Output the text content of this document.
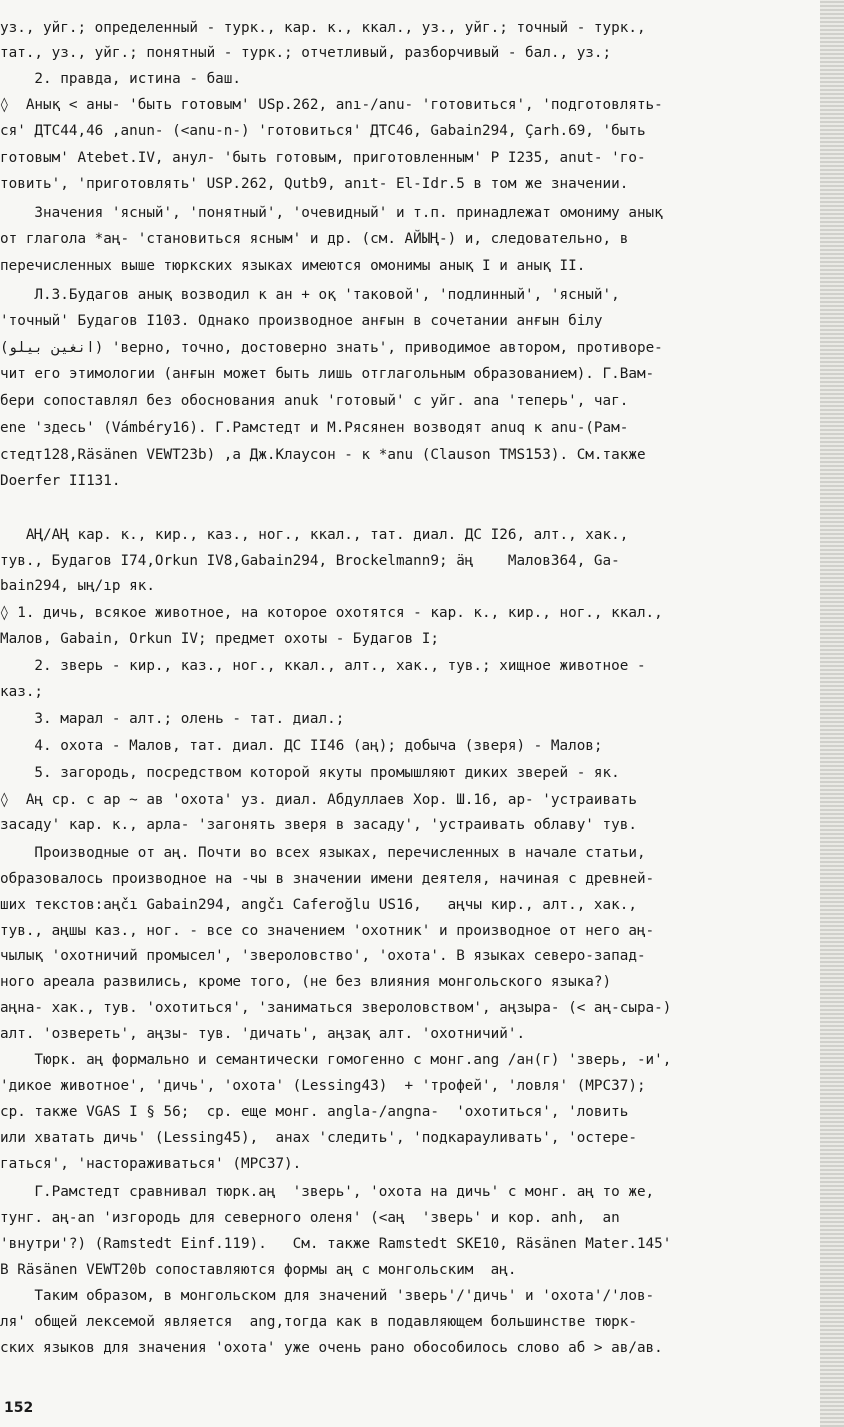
уз., уйг.; определенный - турк., кар. к., ккал., уз., уйг.; точный - турк.,
тат., уз., уйг.; понятный - турк.; отчетливый, разборчивый - бал., уз.;
2. правда, истина - баш.
◊  Анық < аны- 'быть готовым' USp.262, anı-/anu- 'готовиться', 'подготовлять-
ся' ДТС44,46 ,anun- (<anu-n-) 'готовиться' ДТС46, Gabain294, Çarh.69, 'быть
готовым' Atebet.IV, анул- 'быть готовым, приготовленным' Р I235, anut- 'го-
товить', 'приготовлять' USP.262, Qutb9, anıt- El-Idr.5 в том же значении.
Значения 'ясный', 'понятный', 'очевидный' и т.п. принадлежат омониму анық
от глагола *аң- 'становиться ясным' и др. (см. АЙЫҢ-) и, следовательно, в
перечисленных выше тюркских языках имеются омонимы анық I и анық II.
Л.З.Будагов анық возводил к ан + оқ 'таковой', 'подлинный', 'ясный',
'точный' Будагов I103. Однако производное анғын в сочетании анғын білу
(انغین بیلو) 'верно, точно, достоверно знать', приводимое автором, противоре-
чит его этимологии (анғын может быть лишь отглагольным образованием). Г.Вам-
бери сопоставлял без обоснования anuk 'готовый' с уйг. ana 'теперь', чаг.
ene 'здесь' (Vámbéry16). Г.Рамстедт и М.Рясянен возводят anuq к anu-(Рам-
стедт128,Räsänen VEWT23b) ,а Дж.Клаусон - к *anu (Clauson TMS153). См.также
Doerfer II131.
АҢ/АҢ кар. к., кир., каз., ног., ккал., тат. диал. ДС I26, алт., хак.,
тув., Будагов I74,Orkun IV8,Gabain294, Brockelmann9; äң    Малов364, Ga-
bain294, ың/ıp як.
◊ 1. дичь, всякое животное, на которое охотятся - кар. к., кир., ног., ккал.,
Малов, Gabain, Orkun IV; предмет охоты - Будагов I;
2. зверь - кир., каз., ног., ккал., алт., хак., тув.; хищное животное -
каз.;
3. марал - алт.; олень - тат. диал.;
4. охота - Малов, тат. диал. ДС II46 (аң); добыча (зверя) - Малов;
5. загородь, посредством которой якуты промышляют диких зверей - як.
◊  Аң ср. с аp ~ ав 'охота' уз. диал. Абдуллаев Хор. Ш.16, ар- 'устраивать
засаду' кар. к., арла- 'загонять зверя в засаду', 'устраивать облаву' тув.
Производные от аң. Почти во всех языках, перечисленных в начале статьи,
образовалось производное на -чы в значении имени деятеля, начиная с древней-
ших текстов:aңčı Gabain294, angčı Caferoğlu US16,   аңчы кир., алт., хак.,
тув., аңшы каз., ног. - все со значением 'охотник' и производное от него аң-
чылық 'охотничий промысел', 'звероловство', 'охота'. В языках северо-запад-
ного ареала развились, кроме того, (не без влияния монгольского языка?)
аңна- хак., тув. 'охотиться', 'заниматься звероловством', аңзыра- (< аң-сыра-)
алт. 'озвереть', аңзы- тув. 'дичать', аңзақ алт. 'охотничий'.
Тюрк. аң формально и семантически гомогенно с монг.ang /ан(г) 'зверь, -и',
'дикое животное', 'дичь', 'охота' (Lessing43)  + 'трофей', 'ловля' (МРС37);
ср. также VGAS I § 56;  ср. еще монг. angla-/angna-  'охотиться', 'ловить
или хватать дичь' (Lessing45),  анах 'следить', 'подкарауливать', 'остере-
гаться', 'настораживаться' (МРС37).
Г.Рамстедт сравнивал тюрк.aң  'зверь', 'охота на дичь' с монг. aң то же,
тунг. aң-an 'изгородь для северного оленя' (<aң  'зверь' и кор. anh,  an
'внутри'?) (Ramstedt Einf.119).   См. также Ramstedt SKE10, Räsänen Mater.145'
В Räsänen VEWT20b сопоставляются формы аң с монгольским  aң.
Таким образом, в монгольском для значений 'зверь'/'дичь' и 'охота'/'лов-
ля' общей лексемой является  ang,тогда как в подавляющем большинстве тюрк-
ских языков для значения 'охота' уже очень рано обособилось слово аб > ав/ав.
152
